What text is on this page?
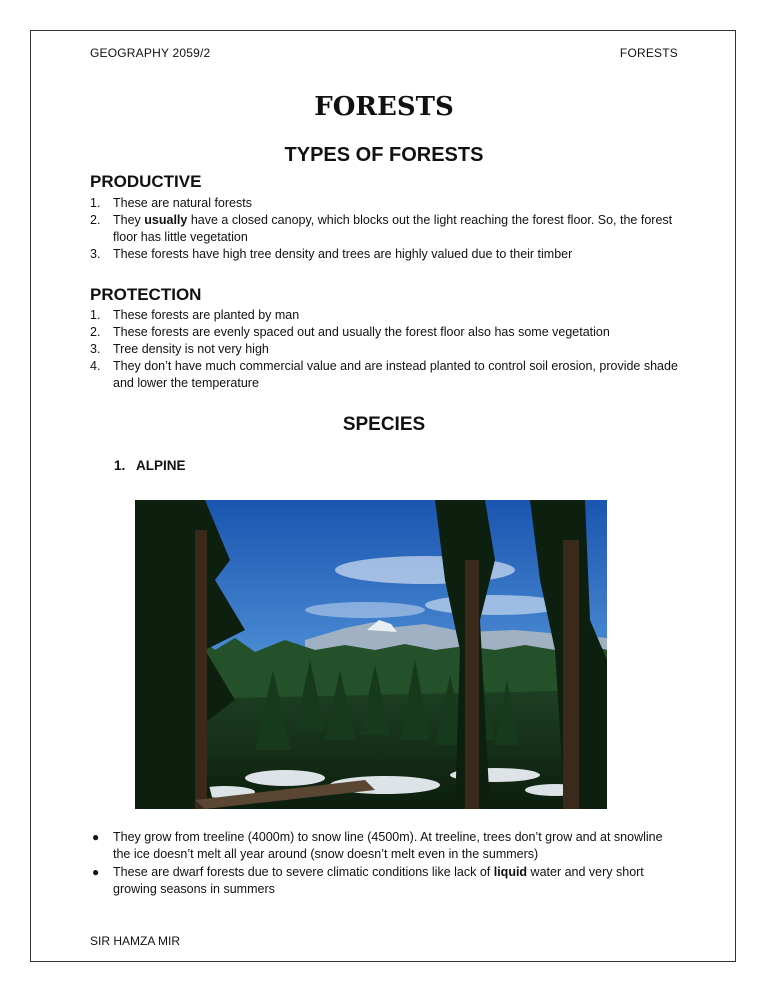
GEOGRAPHY 2059/2	FORESTS
FORESTS
TYPES OF FORESTS
PRODUCTIVE
1. These are natural forests
2. They usually have a closed canopy, which blocks out the light reaching the forest floor. So, the forest floor has little vegetation
3. These forests have high tree density and trees are highly valued due to their timber
PROTECTION
1. These forests are planted by man
2. These forests are evenly spaced out and usually the forest floor also has some vegetation
3. Tree density is not very high
4. They don’t have much commercial value and are instead planted to control soil erosion, provide shade and lower the temperature
SPECIES
1. ALPINE
● They grow from treeline (4000m) to snow line (4500m). At treeline, trees don’t grow and at snowline the ice doesn’t melt all year around (snow doesn’t melt even in the summers)
● These are dwarf forests due to severe climatic conditions like lack of liquid water and very short growing seasons in summers
SIR HAMZA MIR
